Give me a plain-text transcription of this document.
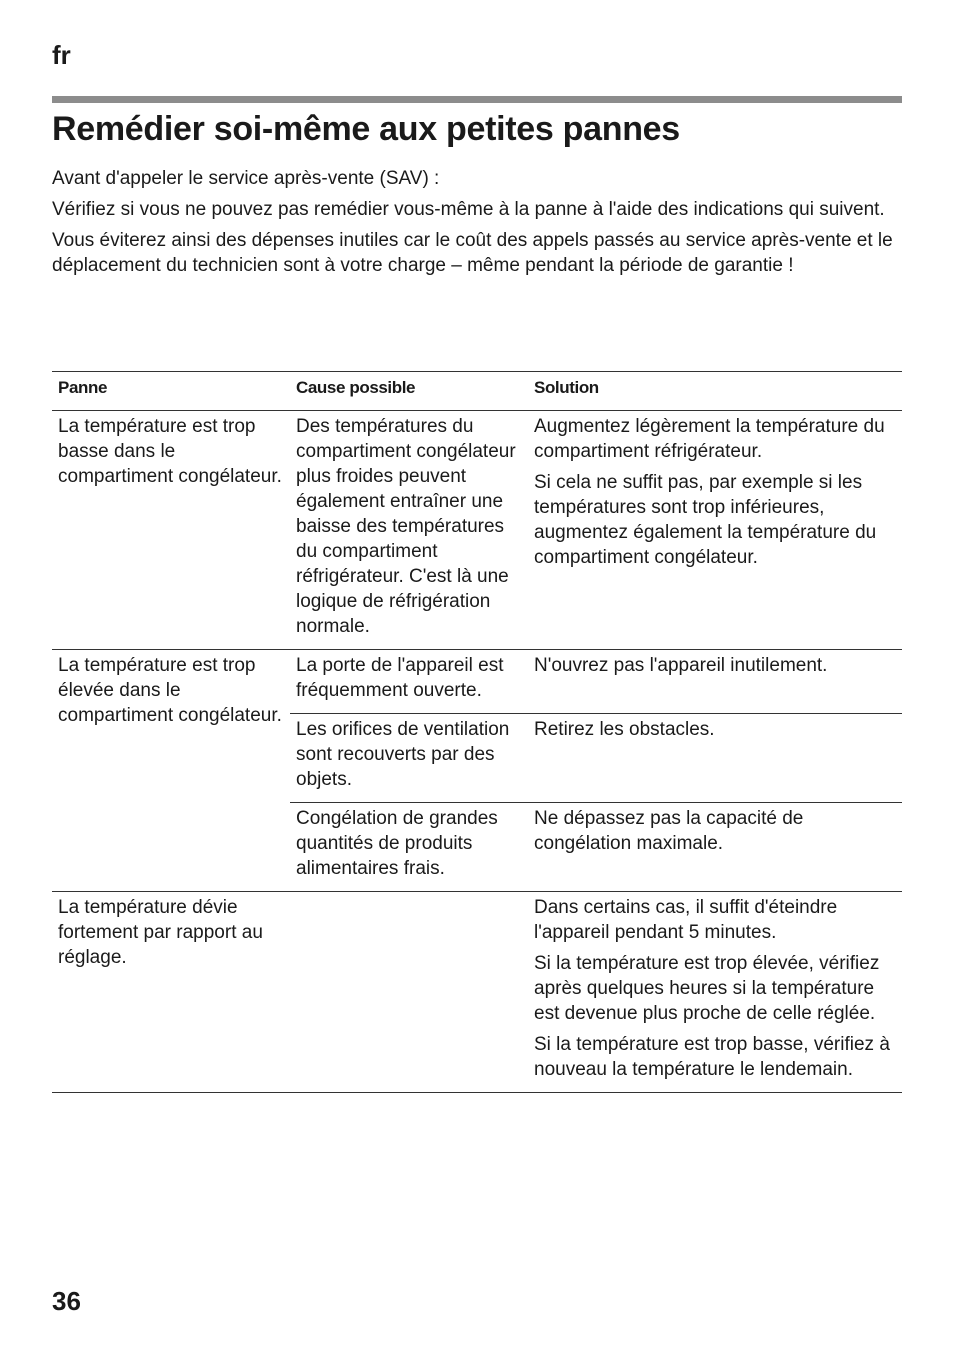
fr
Remédier soi-même aux petites pannes

Avant d'appeler le service après-vente (SAV) :

Vérifiez si vous ne pouvez pas remédier vous-même à la panne à l'aide des indications qui suivent.

Vous éviterez ainsi des dépenses inutiles car le coût des appels passés au service après-vente et le déplacement du technicien sont à votre charge – même pendant la période de garantie !

Panne	Cause possible	Solution
La température est trop basse dans le compartiment congélateur.	Des températures du compartiment congélateur plus froides peuvent également entraîner une baisse des températures du compartiment réfrigérateur. C'est là une logique de réfrigération normale.	Augmentez légèrement la température du compartiment réfrigérateur.

Si cela ne suffit pas, par exemple si les températures sont trop inférieures, augmentez également la température du compartiment congélateur.

La température est trop élevée dans le compartiment congélateur.	La porte de l'appareil est fréquemment ouverte.	N'ouvrez pas l'appareil inutilement.

	Les orifices de ventilation sont recouverts par des objets.	Retirez les obstacles.

	Congélation de grandes quantités de produits alimentaires frais.	Ne dépassez pas la capacité de congélation maximale.

La température dévie fortement par rapport au réglage.		Dans certains cas, il suffit d'éteindre l'appareil pendant 5 minutes.

Si la température est trop élevée, vérifiez après quelques heures si la température est devenue plus proche de celle réglée.

Si la température est trop basse, vérifiez à nouveau la température le lendemain.

36
